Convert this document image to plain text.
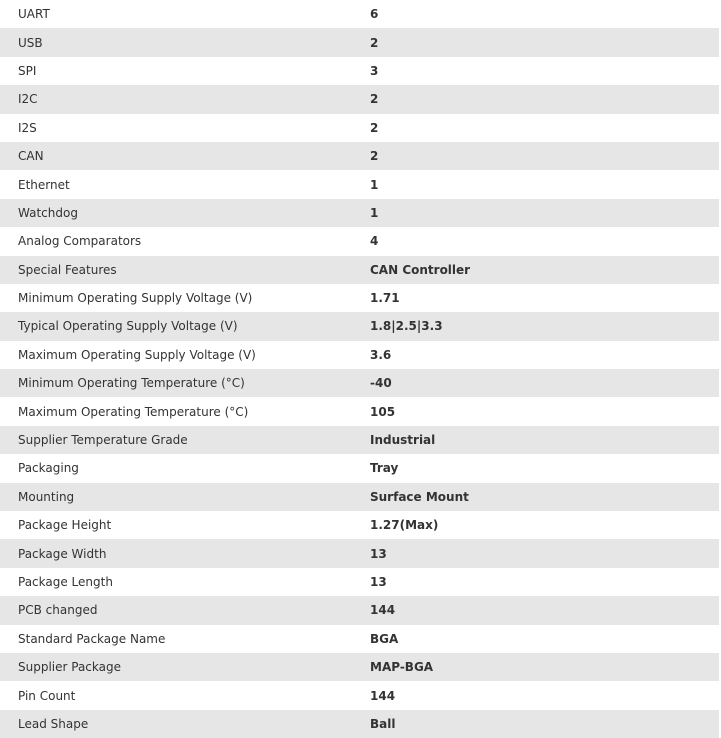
UART	6
USB	2
SPI	3
I2C	2
I2S	2
CAN	2
Ethernet	1
Watchdog	1
Analog Comparators	4
Special Features	CAN Controller
Minimum Operating Supply Voltage (V)	1.71
Typical Operating Supply Voltage (V)	1.8|2.5|3.3
Maximum Operating Supply Voltage (V)	3.6
Minimum Operating Temperature (°C)	-40
Maximum Operating Temperature (°C)	105
Supplier Temperature Grade	Industrial
Packaging	Tray
Mounting	Surface Mount
Package Height	1.27(Max)
Package Width	13
Package Length	13
PCB changed	144
Standard Package Name	BGA
Supplier Package	MAP-BGA
Pin Count	144
Lead Shape	Ball
